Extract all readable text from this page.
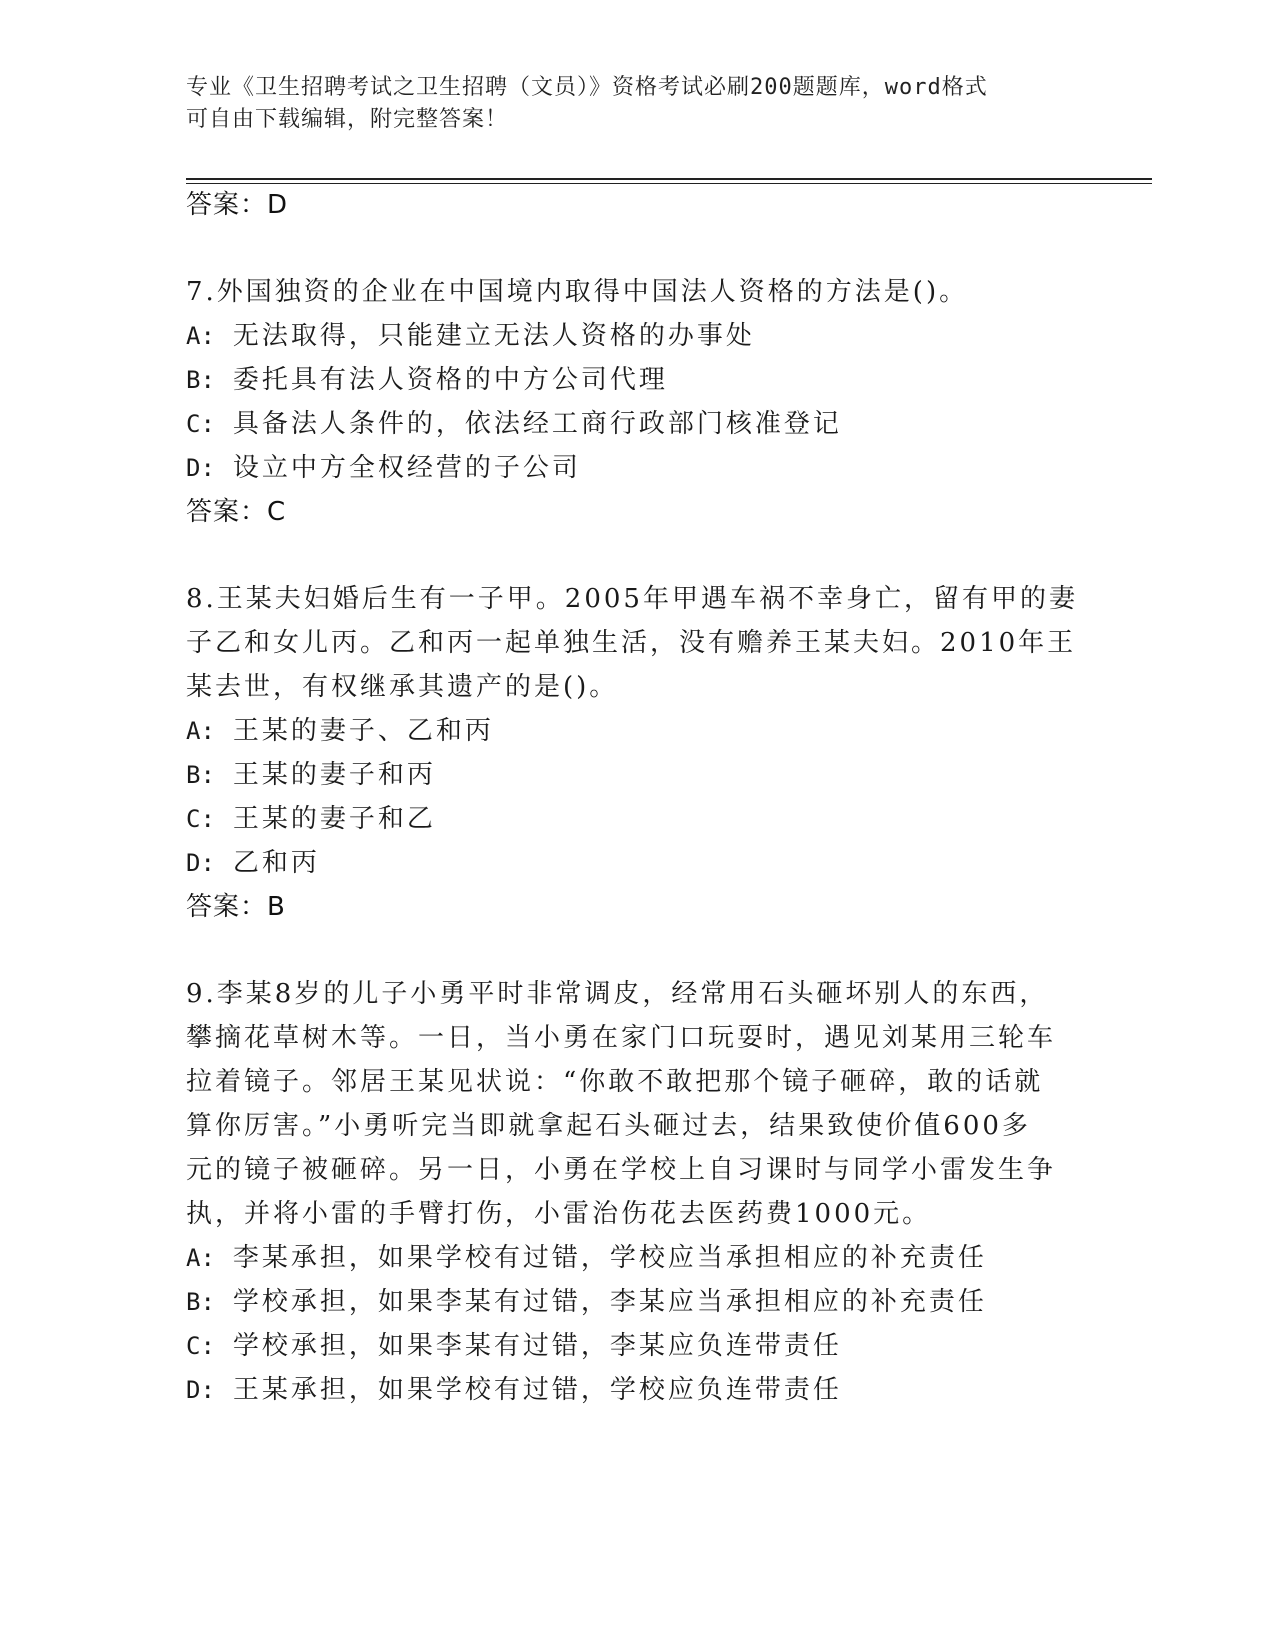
专业《卫生招聘考试之卫生招聘（文员）》资格考试必刷200题题库，word格式
可自由下载编辑，附完整答案！
答案：D
7.外国独资的企业在中国境内取得中国法人资格的方法是()。
A: 无法取得，只能建立无法人资格的办事处
B: 委托具有法人资格的中方公司代理
C: 具备法人条件的，依法经工商行政部门核准登记
D: 设立中方全权经营的子公司
答案：C
8.王某夫妇婚后生有一子甲。2005年甲遇车祸不幸身亡，留有甲的妻
子乙和女儿丙。乙和丙一起单独生活，没有赡养王某夫妇。2010年王
某去世，有权继承其遗产的是()。
A: 王某的妻子、乙和丙
B: 王某的妻子和丙
C: 王某的妻子和乙
D: 乙和丙
答案：B
9.李某8岁的儿子小勇平时非常调皮，经常用石头砸坏别人的东西，
攀摘花草树木等。一日，当小勇在家门口玩耍时，遇见刘某用三轮车
拉着镜子。邻居王某见状说：“你敢不敢把那个镜子砸碎，敢的话就
算你厉害。”小勇听完当即就拿起石头砸过去，结果致使价值600多
元的镜子被砸碎。另一日，小勇在学校上自习课时与同学小雷发生争
执，并将小雷的手臂打伤，小雷治伤花去医药费1000元。
A: 李某承担，如果学校有过错，学校应当承担相应的补充责任
B: 学校承担，如果李某有过错，李某应当承担相应的补充责任
C: 学校承担，如果李某有过错，李某应负连带责任
D: 王某承担，如果学校有过错，学校应负连带责任
